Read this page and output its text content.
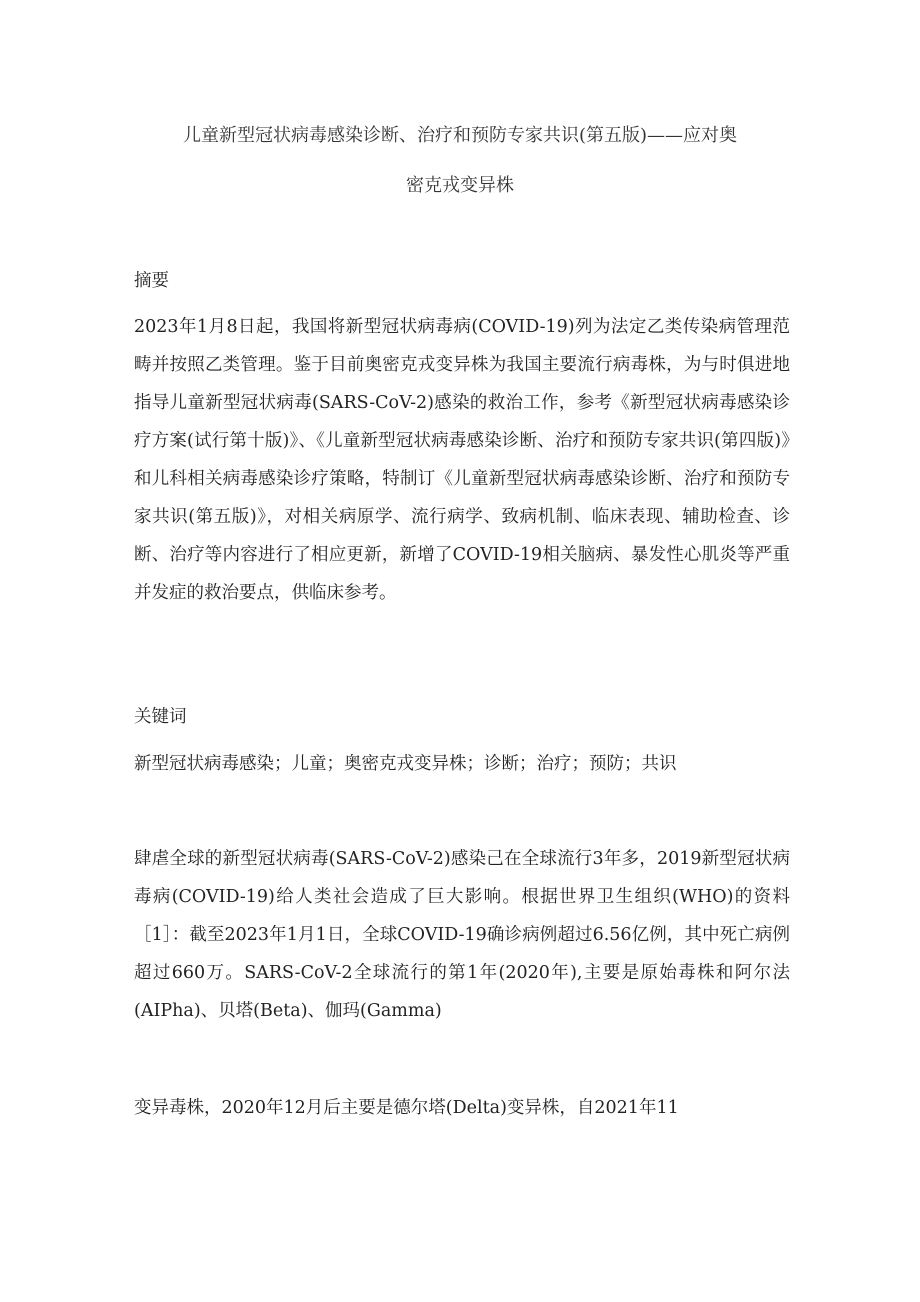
儿童新型冠状病毒感染诊断、治疗和预防专家共识(第五版)——应对奥
密克戎变异株
摘要

2023年1月8日起，我国将新型冠状病毒病(COVID-19)列为法定乙类传染病管理范畴并按照乙类管理。鉴于目前奥密克戎变异株为我国主要流行病毒株，为与时俱进地指导儿童新型冠状病毒(SARS-CoV-2)感染的救治工作，参考《新型冠状病毒感染诊疗方案(试行第十版)》、《儿童新型冠状病毒感染诊断、治疗和预防专家共识(第四版)》和儿科相关病毒感染诊疗策略，特制订《儿童新型冠状病毒感染诊断、治疗和预防专家共识(第五版)》，对相关病原学、流行病学、致病机制、临床表现、辅助检查、诊断、治疗等内容进行了相应更新，新增了COVID-19相关脑病、暴发性心肌炎等严重并发症的救治要点，供临床参考。

关键词
新型冠状病毒感染；儿童；奥密克戎变异株；诊断；治疗；预防；共识

肆虐全球的新型冠状病毒(SARS-CoV-2)感染己在全球流行3年多，2019新型冠状病毒病(COVID-19)给人类社会造成了巨大影响。根据世界卫生组织(WHO)的资料［1］：截至2023年1月1日，全球COVID-19确诊病例超过6.56亿例，其中死亡病例超过660万。SARS-CoV-2全球流行的第1年(2020年),主要是原始毒株和阿尔法(AIPha)、贝塔(Beta)、伽玛(Gamma)

变异毒株，2020年12月后主要是德尔塔(Delta)变异株，自2021年11
